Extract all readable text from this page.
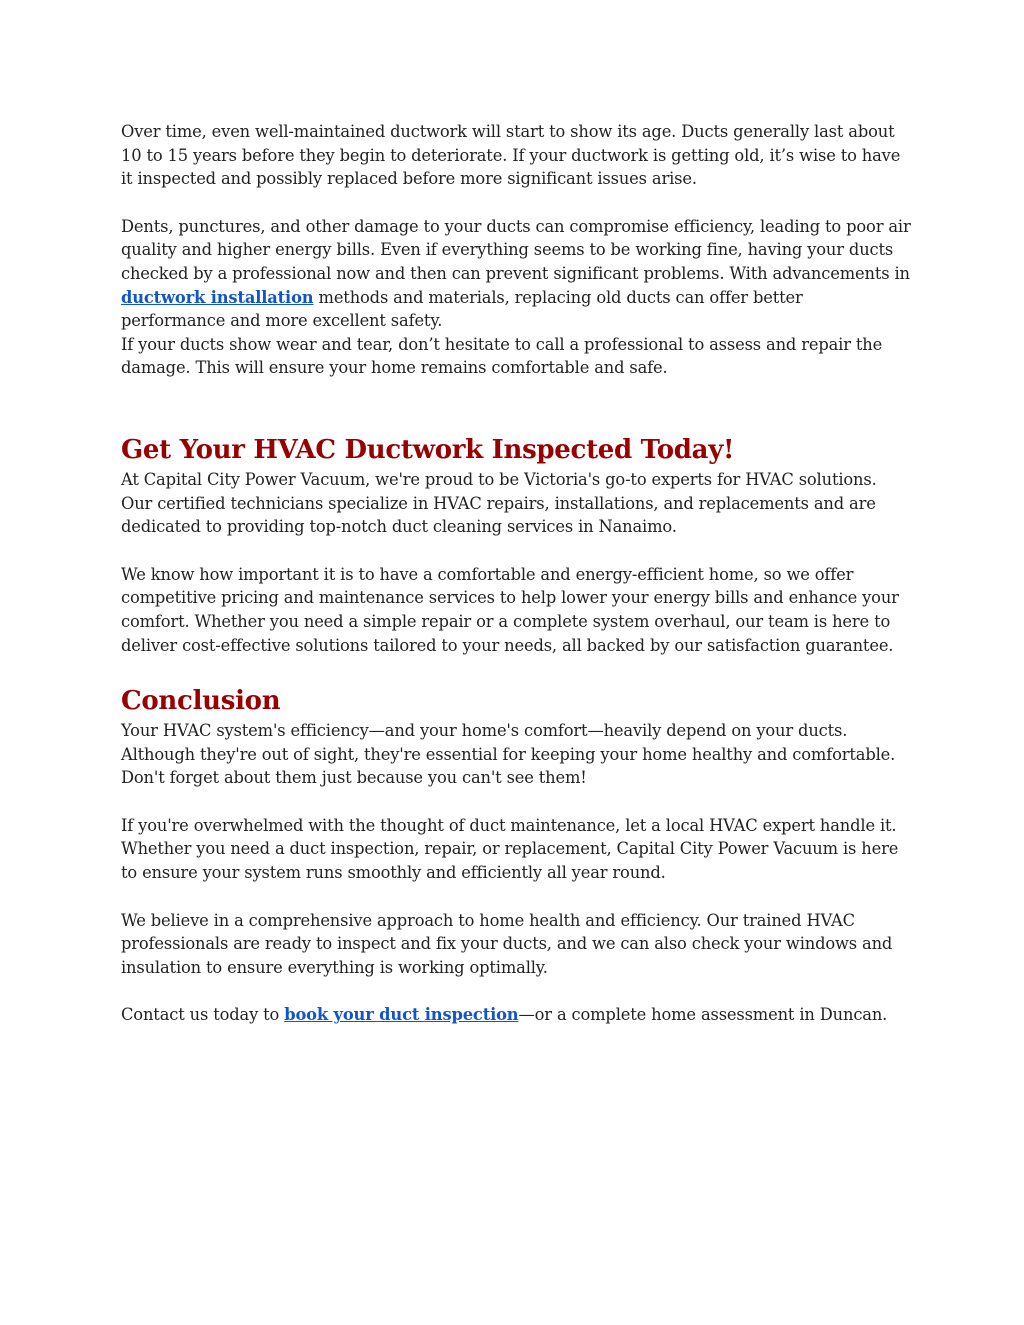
Over time, even well-maintained ductwork will start to show its age. Ducts generally last about 10 to 15 years before they begin to deteriorate. If your ductwork is getting old, it’s wise to have it inspected and possibly replaced before more significant issues arise.

Dents, punctures, and other damage to your ducts can compromise efficiency, leading to poor air quality and higher energy bills. Even if everything seems to be working fine, having your ducts checked by a professional now and then can prevent significant problems. With advancements in ductwork installation methods and materials, replacing old ducts can offer better performance and more excellent safety.

If your ducts show wear and tear, don’t hesitate to call a professional to assess and repair the damage. This will ensure your home remains comfortable and safe.

Get Your HVAC Ductwork Inspected Today!

At Capital City Power Vacuum, we're proud to be Victoria's go-to experts for HVAC solutions. Our certified technicians specialize in HVAC repairs, installations, and replacements and are dedicated to providing top-notch duct cleaning services in Nanaimo.

We know how important it is to have a comfortable and energy-efficient home, so we offer competitive pricing and maintenance services to help lower your energy bills and enhance your comfort. Whether you need a simple repair or a complete system overhaul, our team is here to deliver cost-effective solutions tailored to your needs, all backed by our satisfaction guarantee.

Conclusion

Your HVAC system's efficiency—and your home's comfort—heavily depend on your ducts. Although they're out of sight, they're essential for keeping your home healthy and comfortable. Don't forget about them just because you can't see them!

If you're overwhelmed with the thought of duct maintenance, let a local HVAC expert handle it. Whether you need a duct inspection, repair, or replacement, Capital City Power Vacuum is here to ensure your system runs smoothly and efficiently all year round.

We believe in a comprehensive approach to home health and efficiency. Our trained HVAC professionals are ready to inspect and fix your ducts, and we can also check your windows and insulation to ensure everything is working optimally.

Contact us today to book your duct inspection—or a complete home assessment in Duncan.
